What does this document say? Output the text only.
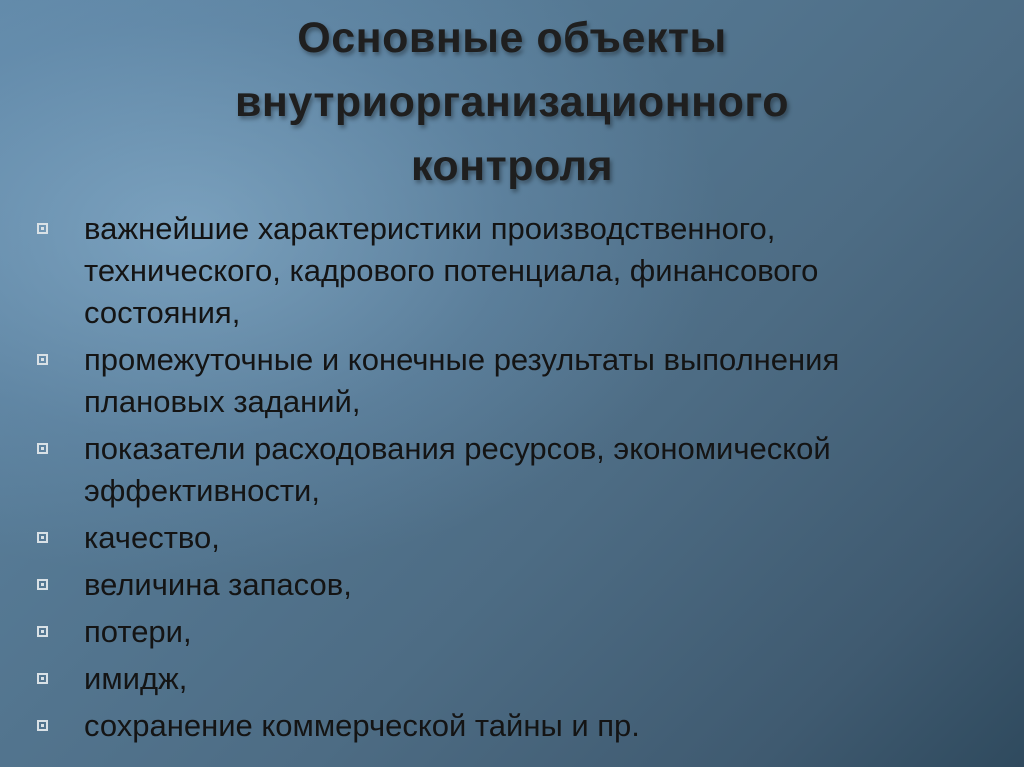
Основные объекты
внутриорганизационного
контроля
важнейшие характеристики производственного,
технического, кадрового потенциала, финансового
состояния,
промежуточные и конечные результаты выполнения
плановых заданий,
показатели расходования ресурсов, экономической
эффективности,
качество,
величина запасов,
потери,
имидж,
сохранение коммерческой тайны и пр.
